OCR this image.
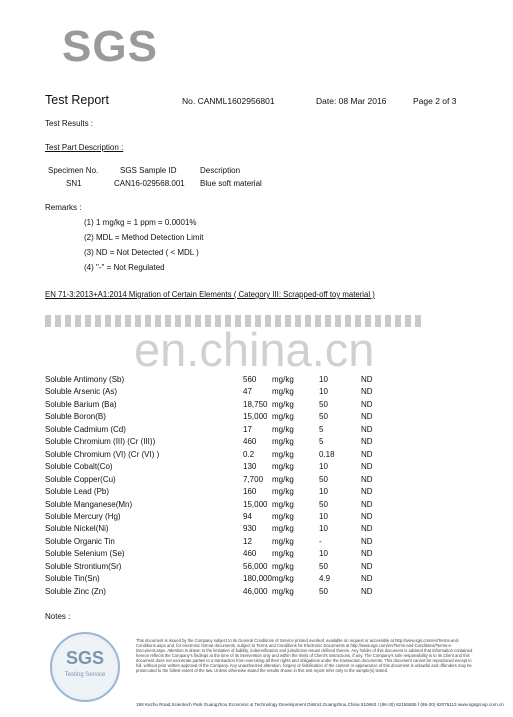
SGS
Test Report	No. CANML1602956801	Date: 08 Mar 2016	Page 2 of 3
Test Results :
Test Part Description :
Specimen No.	SGS Sample ID	Description
SN1	CAN16-029568.001 Blue soft material
Remarks :
(1) 1 mg/kg = 1 ppm = 0.0001%
(2) MDL = Method Detection Limit
(3) ND = Not Detected ( < MDL )
(4) "-" = Not Regulated
EN 71-3:2013+A1:2014 Migration of Certain Elements ( Category III: Scrapped-off toy material )
en.china.cn
Soluble Antimony (Sb)	560 mg/kg	10	ND
Soluble Arsenic (As)	47	mg/kg	10	ND
Soluble Barium (Ba)	18,750 mg/kg	50	ND
Soluble Boron(B)	15,000 mg/kg	50	ND
Soluble Cadmium (Cd)	17	mg/kg	5	ND
Soluble Chromium (III) (Cr (III))	460 mg/kg	5	ND
Soluble Chromium (VI) (Cr (VI) )	0.2 mg/kg	0.18	ND
Soluble Cobalt(Co)	130 mg/kg	10	ND
Soluble Copper(Cu)	7,700 mg/kg	50	ND
Soluble Lead (Pb)	160 mg/kg	10	ND
Soluble Manganese(Mn)	15,000 mg/kg	50	ND
Soluble Mercury (Hg)	94	mg/kg	10	ND
Soluble Nickel(Ni)	930 mg/kg	10	ND
Soluble Organic Tin	12	mg/kg	-	ND
Soluble Selenium (Se)	460 mg/kg	10	ND
Soluble Strontium(Sr)	56,000 mg/kg	50	ND
Soluble Tin(Sn)	180,000 mg/kg	4.9	ND
Soluble Zinc (Zn)	46,000 mg/kg	50	ND
Notes :
SGS
Testing Service
This document is issued by the Company subject to its General Conditions of Service printed overleaf, available on request or accessible at http://www.sgs.com/en/Terms-and-Conditions.aspx and, for electronic format documents, subject to Terms and Conditions for Electronic Documents at http://www.sgs.com/en/Terms-and-Conditions/Terms-e-Document.aspx. Attention is drawn to the limitation of liability, indemnification and jurisdiction issues defined therein. Any holder of this document is advised that information contained hereon reflects the Company's findings at the time of its intervention only and within the limits of Client's instructions, if any. The Company's sole responsibility is to its Client and this document does not exonerate parties to a transaction from exercising all their rights and obligations under the transaction documents. This document cannot be reproduced except in full, without prior written approval of the Company. Any unauthorized alteration, forgery or falsification of the content or appearance of this document is unlawful and offenders may be prosecuted to the fullest extent of the law. Unless otherwise stated the results shown in this test report refer only to the sample(s) tested.
198 Kezhu Road,Scientech Park Guangzhou Economic & Technology Development District,Guangzhou,China 510663 t (86-20) 82155555 f (86-20) 82075113 www.sgsgroup.com.cn
